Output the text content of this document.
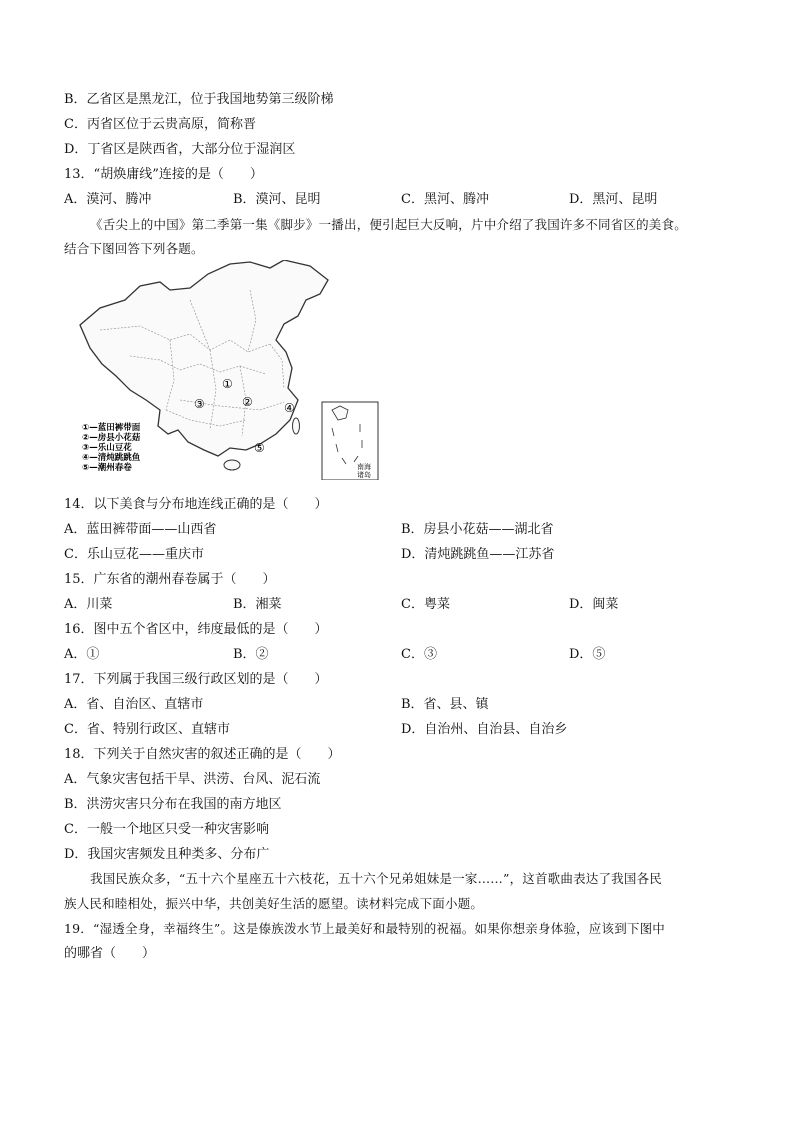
B．乙省区是黑龙江，位于我国地势第三级阶梯
C．丙省区位于云贵高原，简称晋
D．丁省区是陕西省，大部分位于湿润区
13．“胡焕庸线”连接的是（　　）
A．漠河、腾冲	B．漠河、昆明	C．黑河、腾冲	D．黑河、昆明
《舌尖上的中国》第二季第一集《脚步》一播出，便引起巨大反响，片中介绍了我国许多不同省区的美食。
结合下图回答下列各题。
①
②
③	④
⑤
①—蓝田裤带面
②—房县小花菇
③—乐山豆花
④—清炖跳跳鱼
⑤—潮州春卷	南海
诸岛
14．以下美食与分布地连线正确的是（　　）
A．蓝田裤带面——山西省	B．房县小花菇——湖北省
C．乐山豆花——重庆市	D．清炖跳跳鱼——江苏省
15．广东省的潮州春卷属于（　　）
A．川菜	B．湘菜	C．粤菜	D．闽菜
16．图中五个省区中，纬度最低的是（　　）
A．①	B．②	C．③	D．⑤
17．下列属于我国三级行政区划的是（　　）
A．省、自治区、直辖市	B．省、县、镇
C．省、特别行政区、直辖市	D．自治州、自治县、自治乡
18．下列关于自然灾害的叙述正确的是（　　）
A．气象灾害包括干旱、洪涝、台风、泥石流
B．洪涝灾害只分布在我国的南方地区
C．一般一个地区只受一种灾害影响
D．我国灾害频发且种类多、分布广
我国民族众多，“五十六个星座五十六枝花，五十六个兄弟姐妹是一家……”，这首歌曲表达了我国各民
族人民和睦相处，振兴中华，共创美好生活的愿望。读材料完成下面小题。
19．“湿透全身，幸福终生”。这是傣族泼水节上最美好和最特别的祝福。如果你想亲身体验，应该到下图中
的哪省（　　）
